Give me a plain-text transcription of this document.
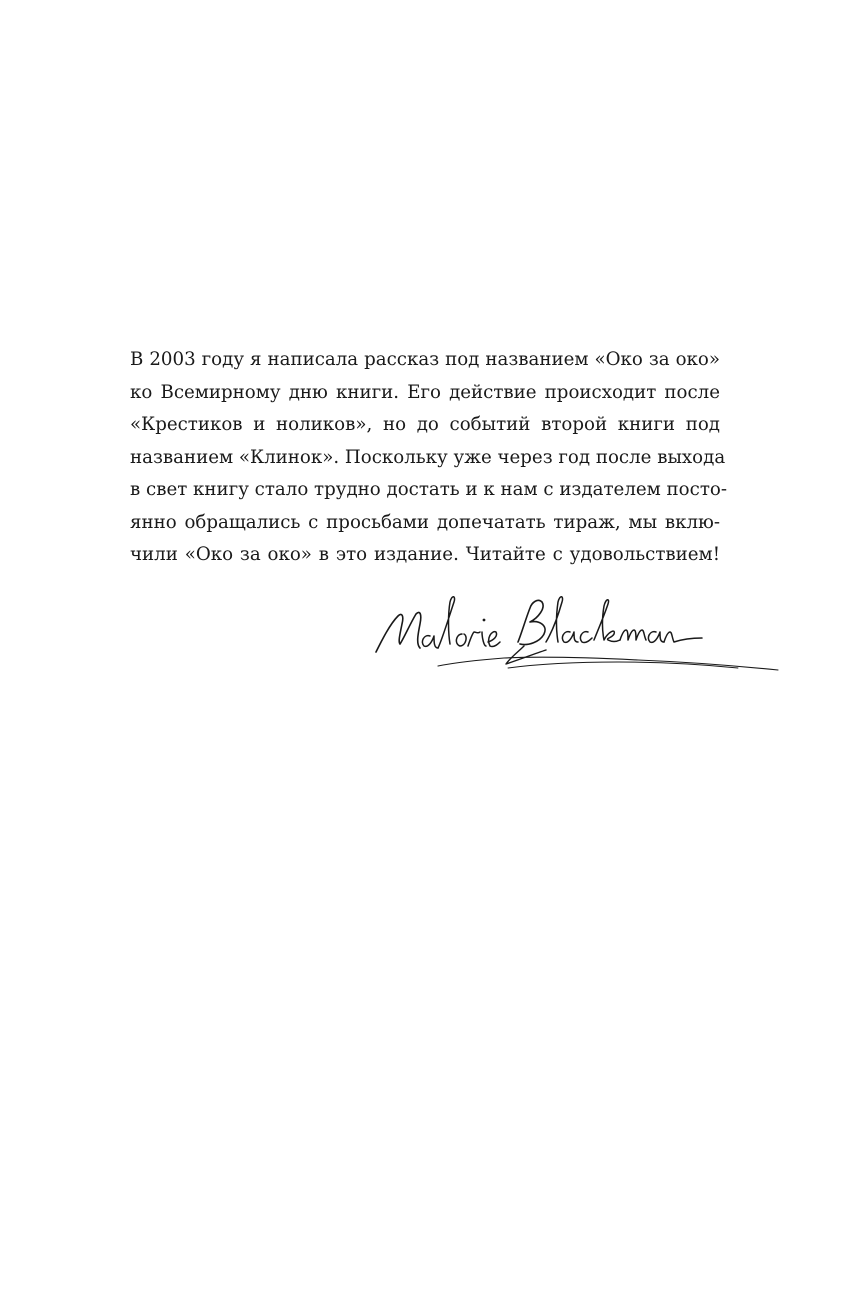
В 2003 году я написала рассказ под названием «Око за око»
ко Всемирному дню книги. Его действие происходит после
«Крестиков и ноликов», но до событий второй книги под
названием «Клинок». Поскольку уже через год после выхода
в свет книгу стало трудно достать и к нам с издателем посто-
янно обращались с просьбами допечатать тираж, мы вклю-
чили «Око за око» в это издание. Читайте с удовольствием!
